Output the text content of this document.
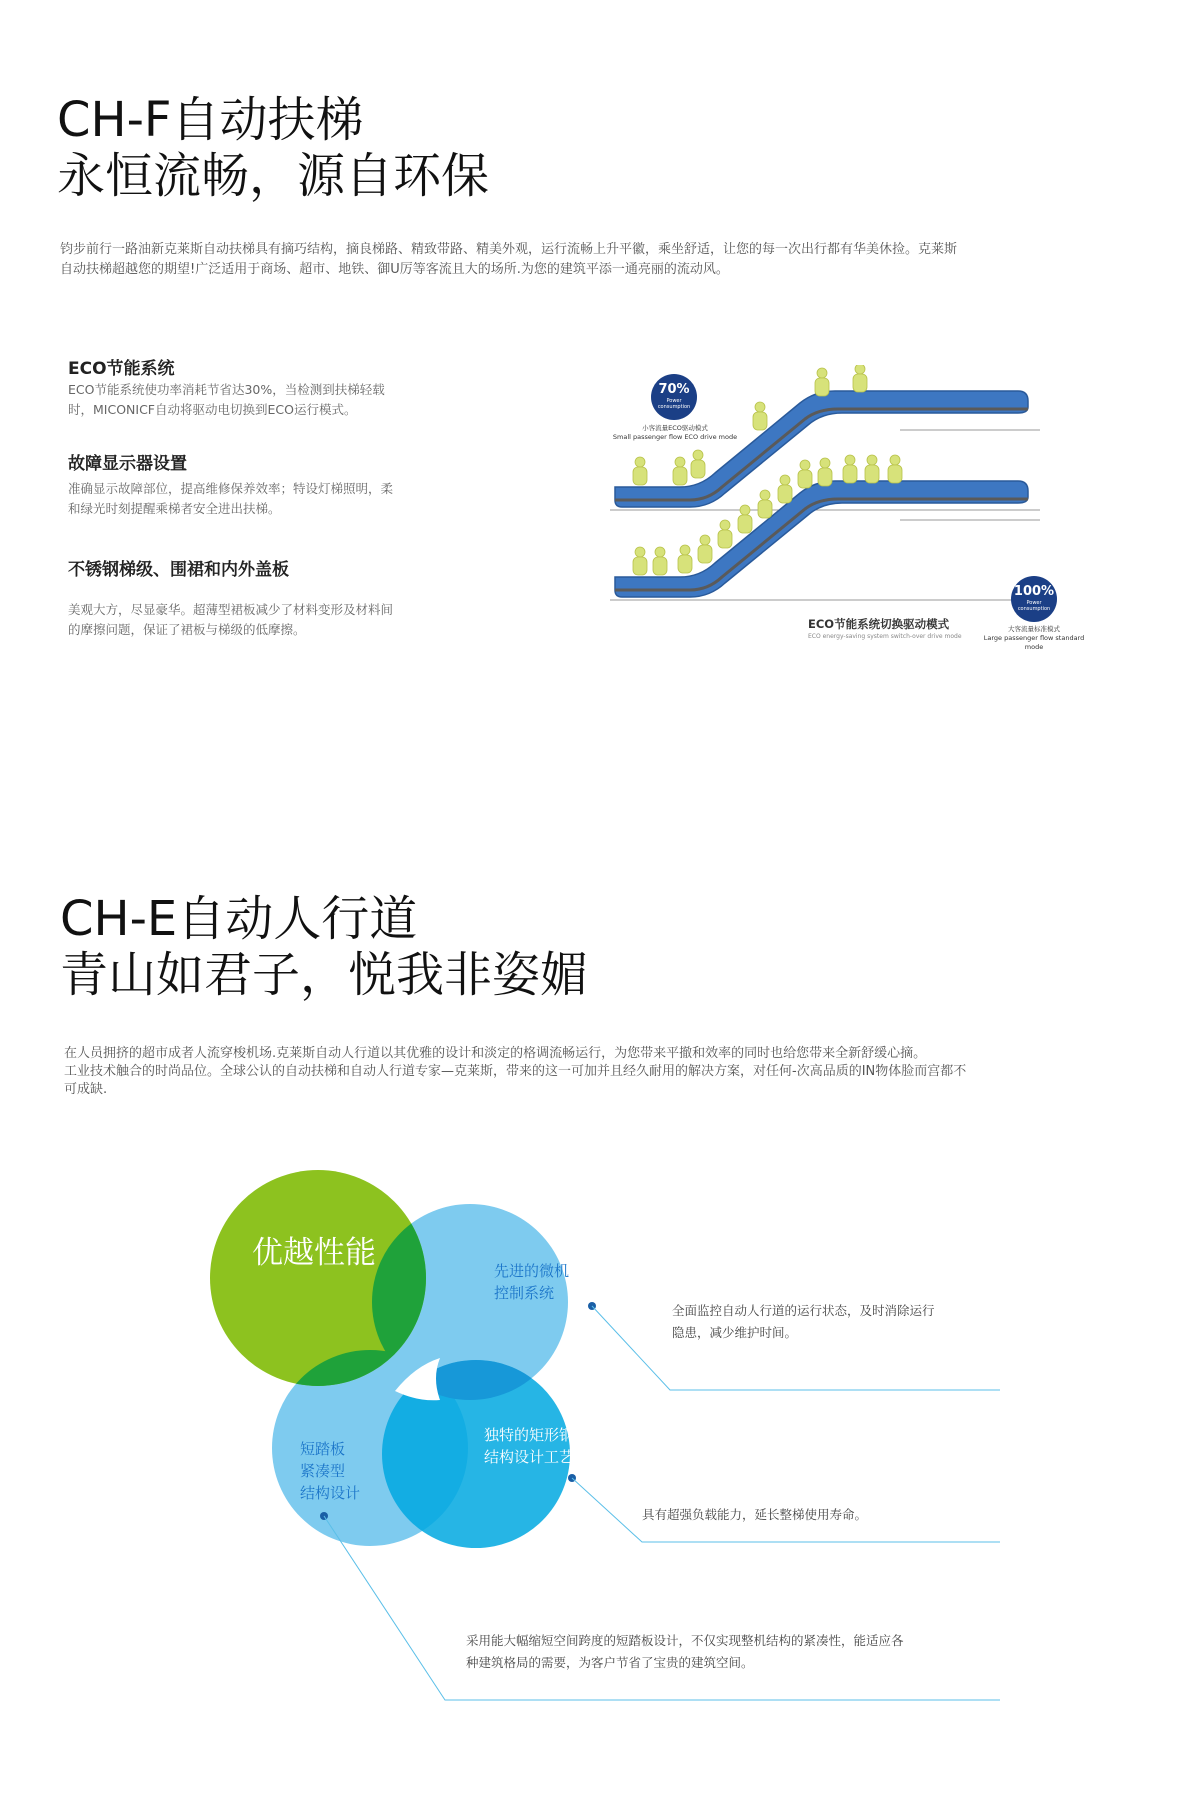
CH-F自动扶梯
永恒流畅，源自环保

钧步前行一路油新克莱斯自动扶梯具有摘巧结构，摘良梯路、精致带路、精美外观，运行流畅上升平徽，乘坐舒适，让您的每一次出行都有华美休捡。克莱斯

自动扶梯超越您的期望!广泛适用于商场、超市、地铁、御U厉等客流且大的场所.为您的建筑平添一通亮丽的流动风。

ECO节能系统
ECO节能系统使功率消耗节省达30%，当检测到扶梯轻载
时，MICONICF自动将驱动电切换到ECO运行模式。
故障显示器设置
准确显示故障部位，提高维修保养效率；特设灯梯照明，柔
和绿光时刻提醒乘梯者安全进出扶梯。
不锈钢梯级、围裙和内外盖板
美观大方，尽显豪华。超薄型裙板减少了材料变形及材料间
的摩擦问题，保证了裙板与梯级的低摩擦。
70%
Power
consumption
小客流量ECO驱动模式
Small passenger flow ECO drive mode
100%
Power
consumption
大客流量标准模式
Large passenger flow standard mode
ECO节能系统切换驱动模式
ECO energy-saving system switch-over drive mode
CH-E自动人行道
青山如君子，悦我非姿媚

在人员拥挤的超市成者人流穿梭机场.克莱斯自动人行道以其优雅的设计和淡定的格调流畅运行，为您带来平撤和效率的同时也给您带来全新舒缓心摘。

工业技术触合的时尚品位。全球公认的自动扶梯和自动人行道专家—克莱斯，带来的这一可加并且经久耐用的解决方案，对任何-次高品质的IN物体脸而宫都不

可成缺.

优越性能	先进的微机
控制系统
独特的矩形钢
结构设计工艺
短踏板
紧凑型
结构设计
全面监控自动人行道的运行状态，及时消除运行
隐患，减少维护时间。
具有超强负载能力，延长整梯使用寿命。
采用能大幅缩短空间跨度的短踏板设计，不仅实现整机结构的紧凑性，能适应各
种建筑格局的需要，为客户节省了宝贵的建筑空间。
